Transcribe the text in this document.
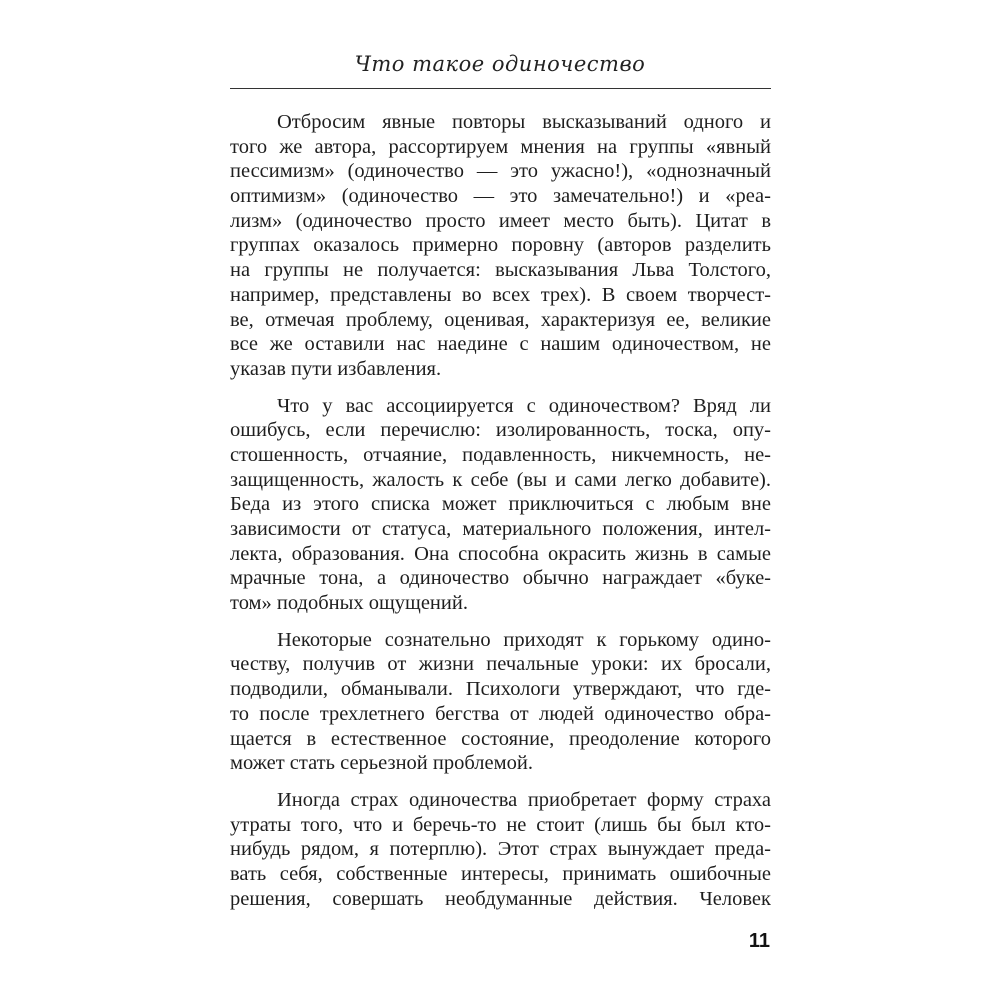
Что такое одиночество
Отбросим явные повторы высказываний одного и
того же автора, рассортируем мнения на группы «явный
пессимизм» (одиночество — это ужасно!), «однозначный
оптимизм» (одиночество — это замечательно!) и «реа-
лизм» (одиночество просто имеет место быть). Цитат в
группах оказалось примерно поровну (авторов разделить
на группы не получается: высказывания Льва Толстого,
например, представлены во всех трех). В своем творчест-
ве, отмечая проблему, оценивая, характеризуя ее, великие
все же оставили нас наедине с нашим одиночеством, не
указав пути избавления.
Что у вас ассоциируется с одиночеством? Вряд ли
ошибусь, если перечислю: изолированность, тоска, опу-
стошенность, отчаяние, подавленность, никчемность, не-
защищенность, жалость к себе (вы и сами легко добавите).
Беда из этого списка может приключиться с любым вне
зависимости от статуса, материального положения, интел-
лекта, образования. Она способна окрасить жизнь в самые
мрачные тона, а одиночество обычно награждает «буке-
том» подобных ощущений.
Некоторые сознательно приходят к горькому одино-
честву, получив от жизни печальные уроки: их бросали,
подводили, обманывали. Психологи утверждают, что где-
то после трехлетнего бегства от людей одиночество обра-
щается в естественное состояние, преодоление которого
может стать серьезной проблемой.
Иногда страх одиночества приобретает форму страха
утраты того, что и беречь-то не стоит (лишь бы был кто-
нибудь рядом, я потерплю). Этот страх вынуждает преда-
вать себя, собственные интересы, принимать ошибочные
решения, совершать необдуманные действия. Человек
11
